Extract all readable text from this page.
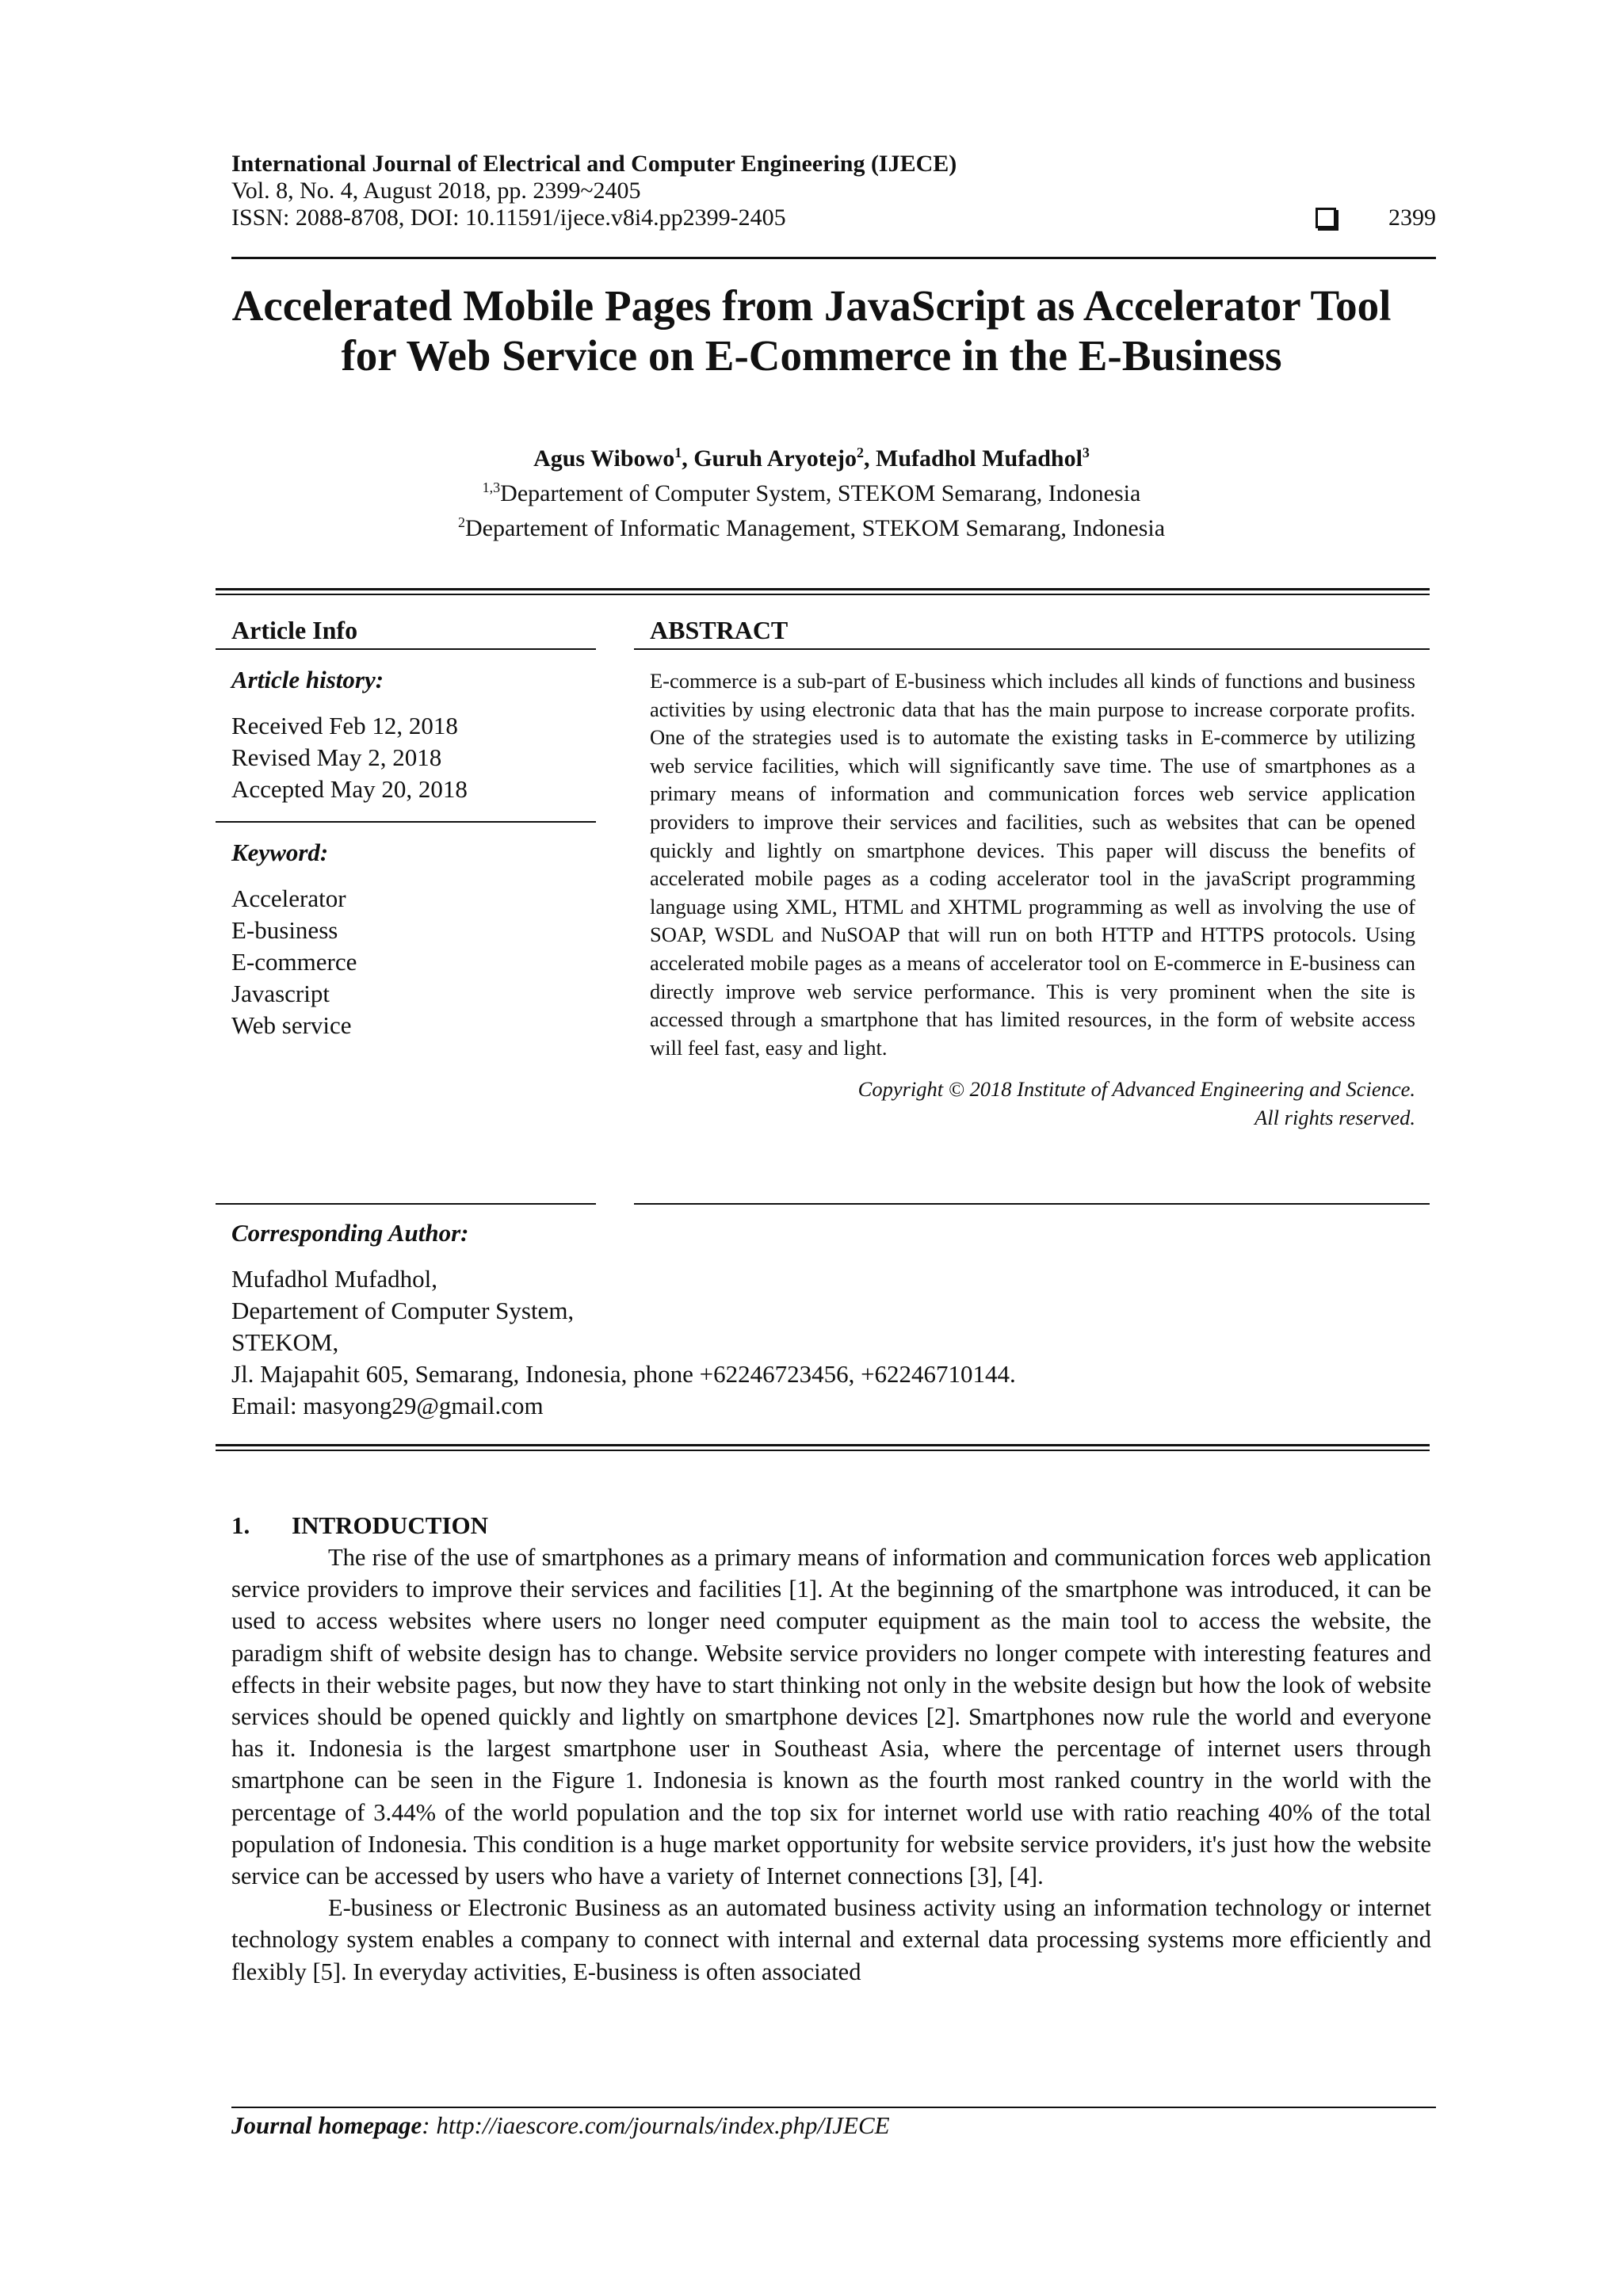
International Journal of Electrical and Computer Engineering (IJECE)
Vol. 8, No. 4, August 2018, pp. 2399~2405
ISSN: 2088-8708, DOI: 10.11591/ijece.v8i4.pp2399-2405	2399
Accelerated Mobile Pages from JavaScript as Accelerator Tool
for Web Service on E-Commerce in the E-Business
Agus Wibowo$^1$, Guruh Aryotejo$^2$, Mufadhol Mufadhol$^3$
$^{1,3}$Departement of Computer System, STEKOM Semarang, Indonesia
$^2$Departement of Informatic Management, STEKOM Semarang, Indonesia
Article Info
Article history:
Received Feb 12, 2018
Revised May 2, 2018
Accepted May 20, 2018
Keyword:
Accelerator
E-business
E-commerce
Javascript
Web service
ABSTRACT
E-commerce is a sub-part of E-business which includes all kinds of functions and business activities by using electronic data that has the main purpose to increase corporate profits. One of the strategies used is to automate the existing tasks in E-commerce by utilizing web service facilities, which will significantly save time. The use of smartphones as a primary means of information and communication forces web service application providers to improve their services and facilities, such as websites that can be opened quickly and lightly on smartphone devices. This paper will discuss the benefits of accelerated mobile pages as a coding accelerator tool in the javaScript programming language using XML, HTML and XHTML programming as well as involving the use of SOAP, WSDL and NuSOAP that will run on both HTTP and HTTPS protocols. Using accelerated mobile pages as a means of accelerator tool on E-commerce in E-business can directly improve web service performance. This is very prominent when the site is accessed through a smartphone that has limited resources, in the form of website access will feel fast, easy and light.
Copyright © 2018 Institute of Advanced Engineering and Science.
All rights reserved.
Corresponding Author:
Mufadhol Mufadhol,
Departement of Computer System,
STEKOM,
Jl. Majapahit 605, Semarang, Indonesia, phone +62246723456, +62246710144.
Email: masyong29@gmail.com
1. INTRODUCTION

The rise of the use of smartphones as a primary means of information and communication forces web application service providers to improve their services and facilities [1]. At the beginning of the smartphone was introduced, it can be used to access websites where users no longer need computer equipment as the main tool to access the website, the paradigm shift of website design has to change. Website service providers no longer compete with interesting features and effects in their website pages, but now they have to start thinking not only in the website design but how the look of website services should be opened quickly and lightly on smartphone devices [2]. Smartphones now rule the world and everyone has it. Indonesia is the largest smartphone user in Southeast Asia, where the percentage of internet users through smartphone can be seen in the Figure 1. Indonesia is known as the fourth most ranked country in the world with the percentage of 3.44% of the world population and the top six for internet world use with ratio reaching 40% of the total population of Indonesia. This condition is a huge market opportunity for website service providers, it's just how the website service can be accessed by users who have a variety of Internet connections [3], [4].

E-business or Electronic Business as an automated business activity using an information technology or internet technology system enables a company to connect with internal and external data processing systems more efficiently and flexibly [5]. In everyday activities, E-business is often associated

Journal homepage: http://iaescore.com/journals/index.php/IJECE
